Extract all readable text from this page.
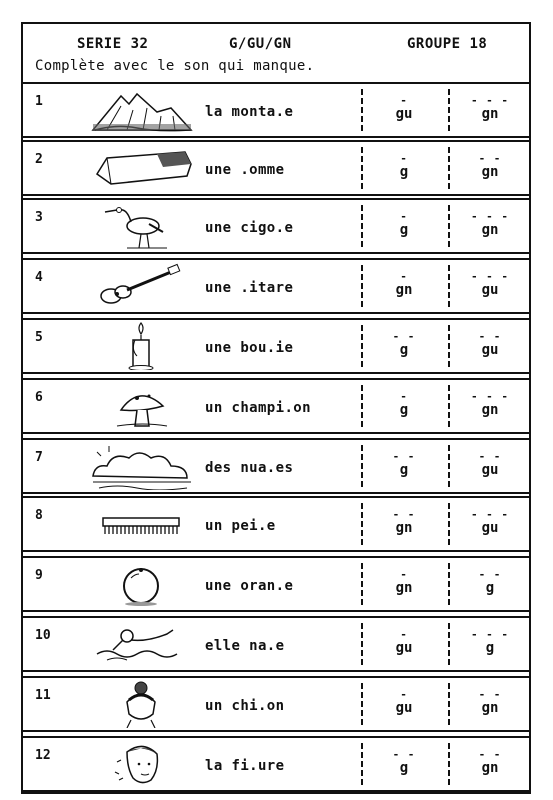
SERIE 32	G/GU/GN	GROUPE 18
Complète avec le son qui manque.
1
la monta.e
-
gu
- - -
gn
2
une .omme
-
g
- -
gn
3
une cigo.e
-
g
- - -
gn
4
une .itare
-
gn
- - -
gu
5
une bou.ie
- -
g
- -
gu
6
un champi.on
-
g
- - -
gn
7
des nua.es
- -
g
- -
gu
8
un pei.e
- -
gn
- - -
gu
9
une oran.e
-
gn
- -
g
10
elle na.e
-
gu
- - -
g
11
un chi.on
-
gu
- -
gn
12
la fi.ure
- -
g
- -
gn
